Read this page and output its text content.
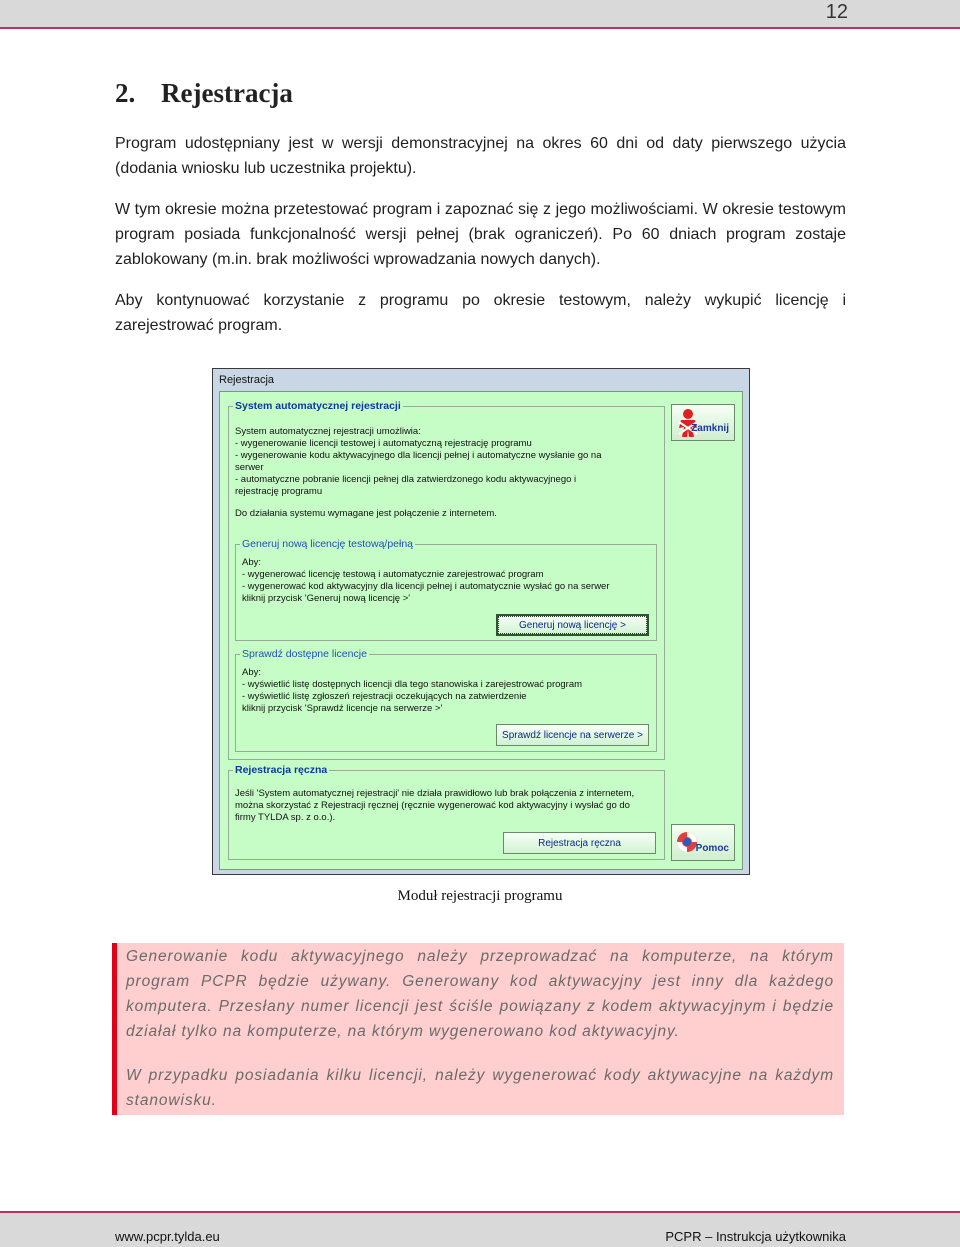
12
2. Rejestracja

Program udostępniany jest w wersji demonstracyjnej na okres 60 dni od daty pierwszego użycia (dodania wniosku lub uczestnika projektu).

W tym okresie można przetestować program i zapoznać się z jego możliwościami. W okresie testowym program posiada funkcjonalność wersji pełnej (brak ograniczeń). Po 60 dniach program zostaje zablokowany (m.in. brak możliwości wprowadzania nowych danych).

Aby kontynuować korzystanie z programu po okresie testowym, należy wykupić licencję i zarejestrować program.

Rejestracja
System automatycznej rejestracji
System automatycznej rejestracji umożliwia:
- wygenerowanie licencji testowej i automatyczną rejestrację programu
- wygenerowanie kodu aktywacyjnego dla licencji pełnej i automatyczne wysłanie go na
serwer
- automatyczne pobranie licencji pełnej dla zatwierdzonego kodu aktywacyjnego i
rejestrację programu
Do działania systemu wymagane jest połączenie z internetem.
Generuj nową licencję testową/pełną
Aby:
- wygenerować licencję testową i automatycznie zarejestrować program
- wygenerować kod aktywacyjny dla licencji pełnej i automatycznie wysłać go na serwer
kliknij przycisk 'Generuj nową licencję >'
Generuj nową licencję >
Sprawdź dostępne licencje
Aby:
- wyświetlić listę dostępnych licencji dla tego stanowiska i zarejestrować program
- wyświetlić listę zgłoszeń rejestracji oczekujących na zatwierdzenie
kliknij przycisk 'Sprawdź licencje na serwerze >'
Sprawdź licencje na serwerze >
Rejestracja ręczna
Jeśli 'System automatycznej rejestracji' nie działa prawidłowo lub brak połączenia z internetem,
można skorzystać z Rejestracji ręcznej (ręcznie wygenerować kod aktywacyjny i wysłać go do
firmy TYLDA sp. z o.o.).
Rejestracja ręczna
Zamknij
Pomoc
Moduł rejestracji programu

Generowanie kodu aktywacyjnego należy przeprowadzać na komputerze, na którym program PCPR będzie używany. Generowany kod aktywacyjny jest inny dla każdego komputera. Przesłany numer licencji jest ściśle powiązany z kodem aktywacyjnym i będzie działał tylko na komputerze, na którym wygenerowano kod aktywacyjny.

W przypadku posiadania kilku licencji, należy wygenerować kody aktywacyjne na każdym stanowisku.

www.pcpr.tylda.eu	PCPR – Instrukcja użytkownika
